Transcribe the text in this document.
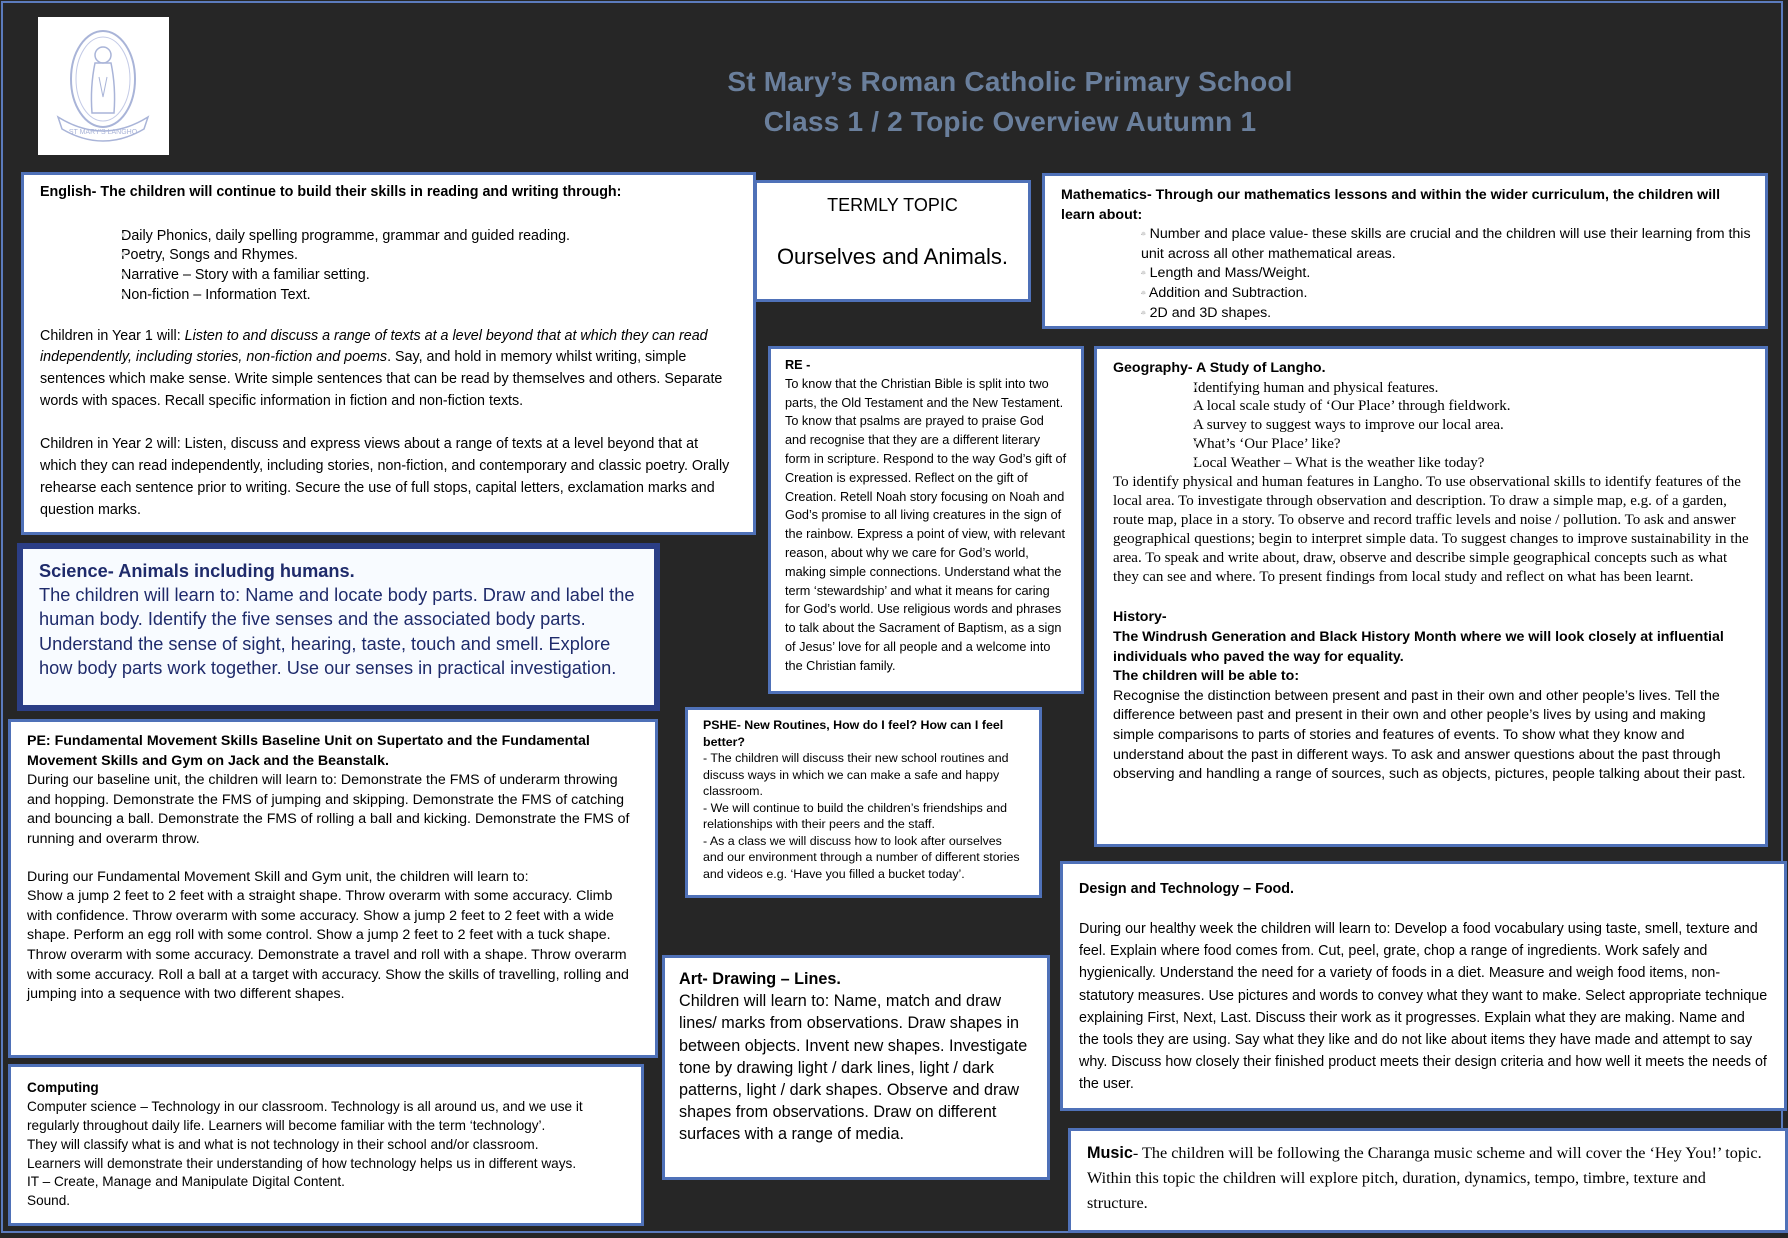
ST MARY'S LANGHO
St Mary’s Roman Catholic Primary School
Class 1 / 2 Topic Overview Autumn 1

English- The children will continue to build their skills in reading and writing through:

• Daily Phonics, daily spelling programme, grammar and guided reading.
• Poetry, Songs and Rhymes.
• Narrative – Story with a familiar setting.
• Non-fiction – Information Text.

Children in Year 1 will: Listen to and discuss a range of texts at a level beyond that at which they can read independently, including stories, non-fiction and poems. Say, and hold in memory whilst writing, simple sentences which make sense. Write simple sentences that can be read by themselves and others. Separate words with spaces. Recall specific information in fiction and non-fiction texts.

Children in Year 2 will: Listen, discuss and express views about a range of texts at a level beyond that at which they can read independently, including stories, non-fiction, and contemporary and classic poetry. Orally rehearse each sentence prior to writing. Secure the use of full stops, capital letters, exclamation marks and question marks.

TERMLY TOPIC

Ourselves and Animals.

Mathematics- Through our mathematics lessons and within the wider curriculum, the children will learn about:

• - Number and place value- these skills are crucial and the children will use their learning from this unit across all other mathematical areas.
• - Length and Mass/Weight.
• - Addition and Subtraction.
• - 2D and 3D shapes.

RE -

To know that the Christian Bible is split into two parts, the Old Testament and the New Testament. To know that psalms are prayed to praise God and recognise that they are a different literary form in scripture. Respond to the way God’s gift of Creation is expressed. Reflect on the gift of Creation. Retell Noah story focusing on Noah and God’s promise to all living creatures in the sign of the rainbow. Express a point of view, with relevant reason, about why we care for God’s world, making simple connections. Understand what the term ‘stewardship’ and what it means for caring for God’s world. Use religious words and phrases to talk about the Sacrament of Baptism, as a sign of Jesus’ love for all people and a welcome into the Christian family.

Geography- A Study of Langho.

• Identifying human and physical features.
• A local scale study of ‘Our Place’ through fieldwork.
• A survey to suggest ways to improve our local area.
• What’s ‘Our Place’ like?
• Local Weather – What is the weather like today?

To identify physical and human features in Langho. To use observational skills to identify features of the local area. To investigate through observation and description. To draw a simple map, e.g. of a garden, route map, place in a story. To observe and record traffic levels and noise / pollution. To ask and answer geographical questions; begin to interpret simple data. To suggest changes to improve sustainability in the area. To speak and write about, draw, observe and describe simple geographical concepts such as what they can see and where. To present findings from local study and reflect on what has been learnt.

History-

The Windrush Generation and Black History Month where we will look closely at influential individuals who paved the way for equality.

The children will be able to:

Recognise the distinction between present and past in their own and other people’s lives. Tell the difference between past and present in their own and other people’s lives by using and making simple comparisons to parts of stories and features of events. To show what they know and understand about the past in different ways. To ask and answer questions about the past through observing and handling a range of sources, such as objects, pictures, people talking about their past.

Science- Animals including humans.

The children will learn to: Name and locate body parts. Draw and label the human body. Identify the five senses and the associated body parts. Understand the sense of sight, hearing, taste, touch and smell. Explore how body parts work together. Use our senses in practical investigation.

PE: Fundamental Movement Skills Baseline Unit on Supertato and the Fundamental Movement Skills and Gym on Jack and the Beanstalk.

During our baseline unit, the children will learn to: Demonstrate the FMS of underarm throwing and hopping. Demonstrate the FMS of jumping and skipping. Demonstrate the FMS of catching and bouncing a ball. Demonstrate the FMS of rolling a ball and kicking. Demonstrate the FMS of running and overarm throw.

During our Fundamental Movement Skill and Gym unit, the children will learn to:

Show a jump 2 feet to 2 feet with a straight shape. Throw overarm with some accuracy. Climb with confidence. Throw overarm with some accuracy. Show a jump 2 feet to 2 feet with a wide shape. Perform an egg roll with some control. Show a jump 2 feet to 2 feet with a tuck shape. Throw overarm with some accuracy. Demonstrate a travel and roll with a shape. Throw overarm with some accuracy. Roll a ball at a target with accuracy. Show the skills of travelling, rolling and jumping into a sequence with two different shapes.

PSHE- New Routines, How do I feel? How can I feel better?

- The children will discuss their new school routines and discuss ways in which we can make a safe and happy classroom.

- We will continue to build the children’s friendships and relationships with their peers and the staff.

- As a class we will discuss how to look after ourselves and our environment through a number of different stories and videos e.g. ‘Have you filled a bucket today’.

Design and Technology – Food.

During our healthy week the children will learn to: Develop a food vocabulary using taste, smell, texture and feel. Explain where food comes from. Cut, peel, grate, chop a range of ingredients. Work safely and hygienically. Understand the need for a variety of foods in a diet. Measure and weigh food items, non-statutory measures. Use pictures and words to convey what they want to make. Select appropriate technique explaining First, Next, Last. Discuss their work as it progresses. Explain what they are making. Name and the tools they are using. Say what they like and do not like about items they have made and attempt to say why. Discuss how closely their finished product meets their design criteria and how well it meets the needs of the user.

Art- Drawing – Lines.

Children will learn to: Name, match and draw lines/ marks from observations. Draw shapes in between objects. Invent new shapes. Investigate tone by drawing light / dark lines, light / dark patterns, light / dark shapes. Observe and draw shapes from observations. Draw on different surfaces with a range of media.

Computing

Computer science – Technology in our classroom. Technology is all around us, and we use it regularly throughout daily life. Learners will become familiar with the term ‘technology’.

They will classify what is and what is not technology in their school and/or classroom.

Learners will demonstrate their understanding of how technology helps us in different ways.

IT – Create, Manage and Manipulate Digital Content.

Sound.

Music- The children will be following the Charanga music scheme and will cover the ‘Hey You!’ topic. Within this topic the children will explore pitch, duration, dynamics, tempo, timbre, texture and structure.
